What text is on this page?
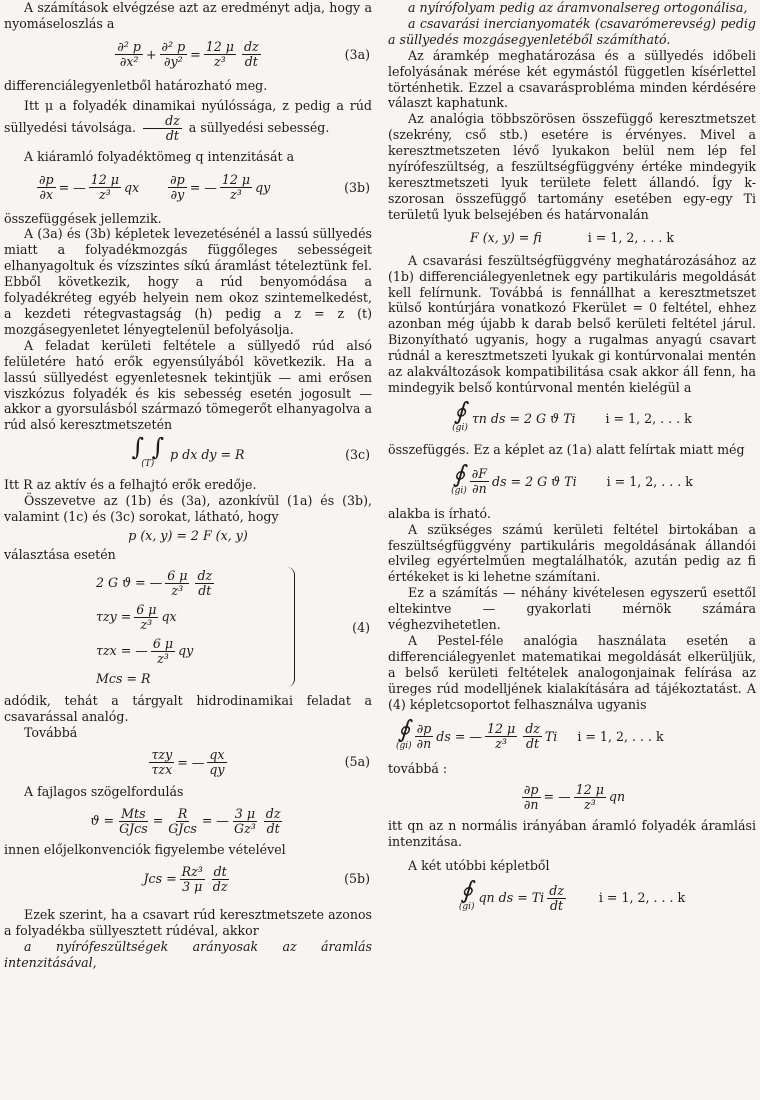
A számítások elvégzése azt az eredményt adja, hogy a nyomáseloszlás a

$\frac{\text{∂² p}}{\text{∂x²}} + \frac{\text{∂² p}}{\text{∂y²}} = \frac{12 \mu}{\text{z³}} \frac{dz}{dt}$	(3a)

differenciálegyenletből határozható meg.

Itt μ a folyadék dinamikai nyúlóssága, z pedig a rúd süllyedési távolsága. $\frac{dz}{dt}$ a süllyedési sebesség.

A kiáramló folyadéktömeg q intenzitását a

$\frac{\partial p}{\partial x}$ = — $\frac{12 \mu}{\text{z³}}$ qx $\frac{\partial p}{\partial y}$ = — $\frac{12 \mu}{\text{z³}}$ qy	(3b)

összefüggések jellemzik.

A (3a) és (3b) képletek levezetésénél a lassú süllyedés miatt a folyadékmozgás függőleges sebességeit elhanyagoltuk és vízszintes síkú áramlást tételeztünk fel. Ebből következik, hogy a rúd benyomódása a folyadékréteg egyéb helyein nem okoz szintemelkedést, a kezdeti rétegvastagság (h) pedig a z = z (t) mozgásegyenletet lényegtelenül befolyásolja.

A feladat kerületi feltétele a süllyedő rúd alsó felületére ható erők egyensúlyából következik. Ha a lassú süllyedést egyenletesnek tekintjük — ami erősen viszkózus folyadék és kis sebesség esetén jogosult — akkor a gyorsulásból származó tömegerőt elhanyagolva a rúd alsó keresztmetszetén

∫ ∫
(T)
p dx dy = R	(3c)

Itt R az aktív és a felhajtó erők eredője.

Összevetve az (1b) és (3a), azonkívül (1a) és (3b), valamint (1c) és (3c) sorokat, látható, hogy

p (x, y) = 2 F (x, y)

választása esetén

2 G ϑ = — $\frac{6 \mu}{\text{z³}} \frac{dz}{dt}$
$\tau zy = \frac{6 \mu}{\text{z³}}$ qx
τzx = — $\frac{6 \mu}{\text{z³}}$ qy
Mcs = R
(4)

adódik, tehát a tárgyalt hidrodinamikai feladat a csavarással analóg.

Továbbá

$\frac{\text{τzy}}{\text{τzx}}$ = — $\frac{qx}{qy}$	(5a)

A fajlagos szögelfordulás

$ϑ = \frac{\text{Mts}}{\text{GJcs}} = \frac{R}{\text{GJcs}}$ = — $\frac{3 \mu}{\text{Gz³}} \frac{dz}{dt}$

innen előjelkonvenciók figyelembe vételével

Jcs = $\frac{\text{Rz³}}{3 \mu} \frac{dt}{dz}$	(5b)

Ezek szerint, ha a csavart rúd keresztmetszete azonos a folyadékba süllyesztett rúdéval, akkor

a nyírófeszültségek arányosak az áramlás intenzitásával,

a nyírófolyam pedig az áramvonalsereg ortogonálisa,

a csavarási inercianyomaték (csavarómerevség) pedig a süllyedés mozgásegyenletéből számítható.

Az áramkép meghatározása és a süllyedés időbeli lefolyásának mérése két egymástól független kísérlettel történhetik. Ezzel a csavarásprobléma minden kérdésére választ kaphatunk.

Az analógia többszörösen összefüggő keresztmetszet (szekrény, cső stb.) esetére is érvényes. Mivel a keresztmetszeten lévő lyukakon belül nem lép fel nyírófeszültség, a feszültségfüggvény értéke mindegyik keresztmetszeti lyuk területe felett állandó. Így k-szorosan összefüggő tartomány esetében egy-egy Ti területű lyuk belsejében és határvonalán

F (x, y) = fi	i = 1, 2, . . . k

A csavarási feszültségfüggvény meghatározásához az (1b) differenciálegyenletnek egy partikuláris megoldását kell felírnunk. Továbbá is fennállhat a keresztmetszet külső kontúrjára vonatkozó Fkerület = 0 feltétel, ehhez azonban még újabb k darab belső kerületi feltétel járul. Bizonyítható ugyanis, hogy a rugalmas anyagú csavart rúdnál a keresztmetszeti lyukak gi kontúrvonalai mentén az alakváltozások kompatibilitása csak akkor áll fenn, ha mindegyik belső kontúrvonal mentén kielégül a

∮
(gi)
τn ds = 2 G ϑ Ti i = 1, 2, . . . k

összefüggés. Ez a képlet az (1a) alatt felírtak miatt még

∮
$(gi) \frac{\partial F}{\partial n}$ ds = 2 G ϑ Ti i = 1, 2, . . . k

alakba is írható.

A szükséges számú kerületi feltétel birtokában a feszültségfüggvény partikuláris megoldásának állandói elvileg egyértelműen megtalálhatók, azután pedig az fi értékeket is ki lehetne számítani.

Ez a számítás — néhány kivételesen egyszerű esettől eltekintve — gyakorlati mérnök számára véghezvihetetlen.

A Pestel-féle analógia használata esetén a differenciálegyenlet matematikai megoldását elkerüljük, a belső kerületi feltételek analogonjainak felírása az üreges rúd modelljének kialakítására ad tájékoztatást. A (4) képletcsoportot felhasználva ugyanis

∮
$(gi) \frac{\partial p}{\partial n}$ ds = — $\frac{12 \mu}{\text{z³}} \frac{dz}{dt}$ Ti i = 1, 2, . . . k

továbbá :

$\frac{\partial p}{\partial n}$ = — $\frac{12 \mu}{\text{z³}}$ qn

itt qn az n normális irányában áramló folyadék áramlási intenzitása.

A két utóbbi képletből

∮
(gi)
qn ds = Ti $\frac{dz}{dt}$	i = 1, 2, . . . k
